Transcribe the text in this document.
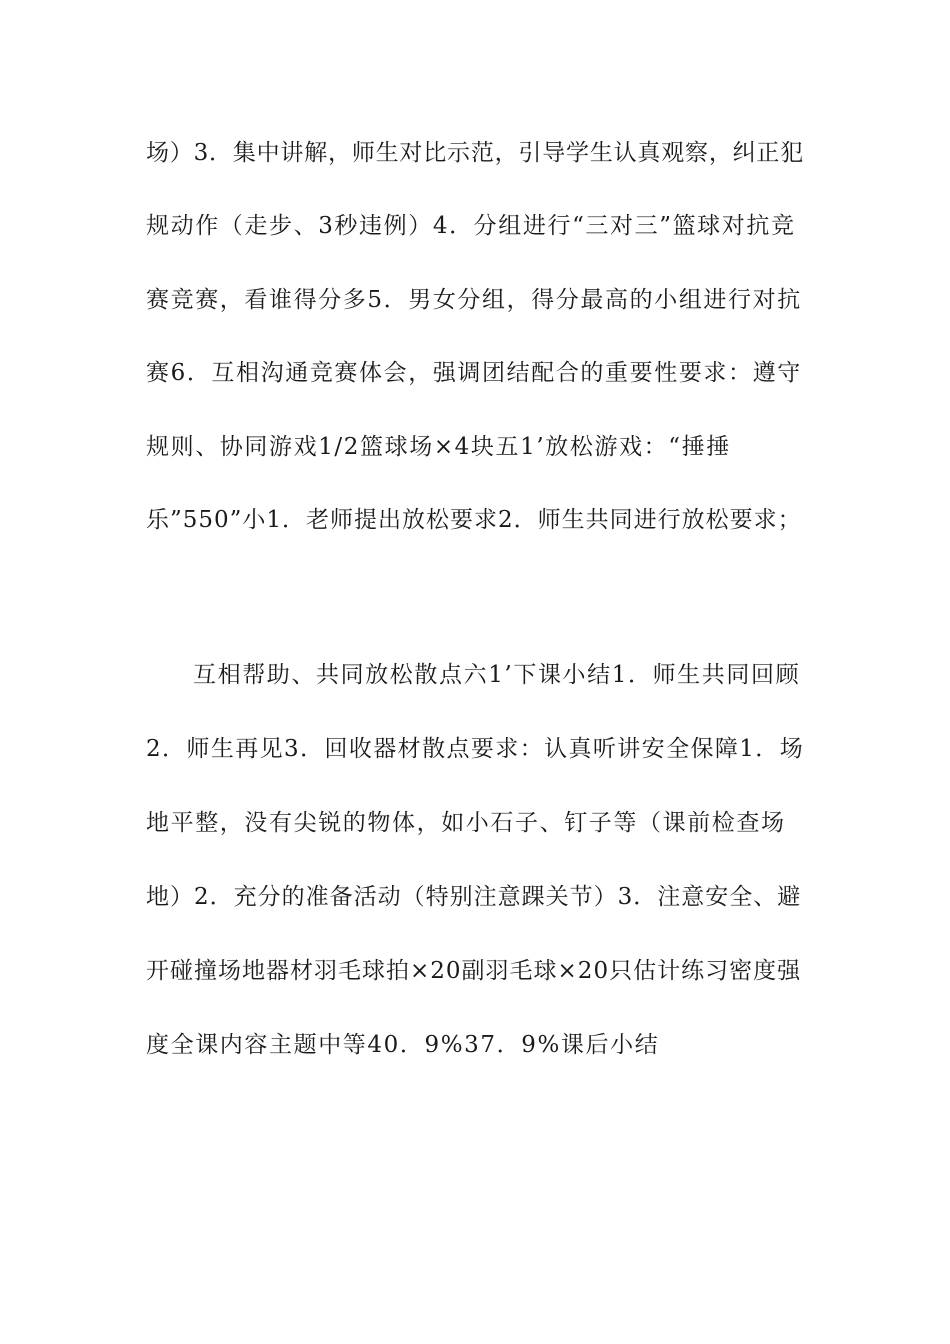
场）3．集中讲解，师生对比示范，引导学生认真观察，纠正犯
规动作（走步、3秒违例）4．分组进行“三对三”篮球对抗竞
赛竞赛，看谁得分多5．男女分组，得分最高的小组进行对抗
赛6．互相沟通竞赛体会，强调团结配合的重要性要求：遵守
规则、协同游戏1/2篮球场×4块五1’放松游戏：“捶捶
乐”550”小1．老师提出放松要求2．师生共同进行放松要求；
互相帮助、共同放松散点六1’下课小结1．师生共同回顾
2．师生再见3．回收器材散点要求：认真听讲安全保障1．场
地平整，没有尖锐的物体，如小石子、钉子等（课前检查场
地）2．充分的准备活动（特别注意踝关节）3．注意安全、避
开碰撞场地器材羽毛球拍×20副羽毛球×20只估计练习密度强
度全课内容主题中等40．9%37．9%课后小结
